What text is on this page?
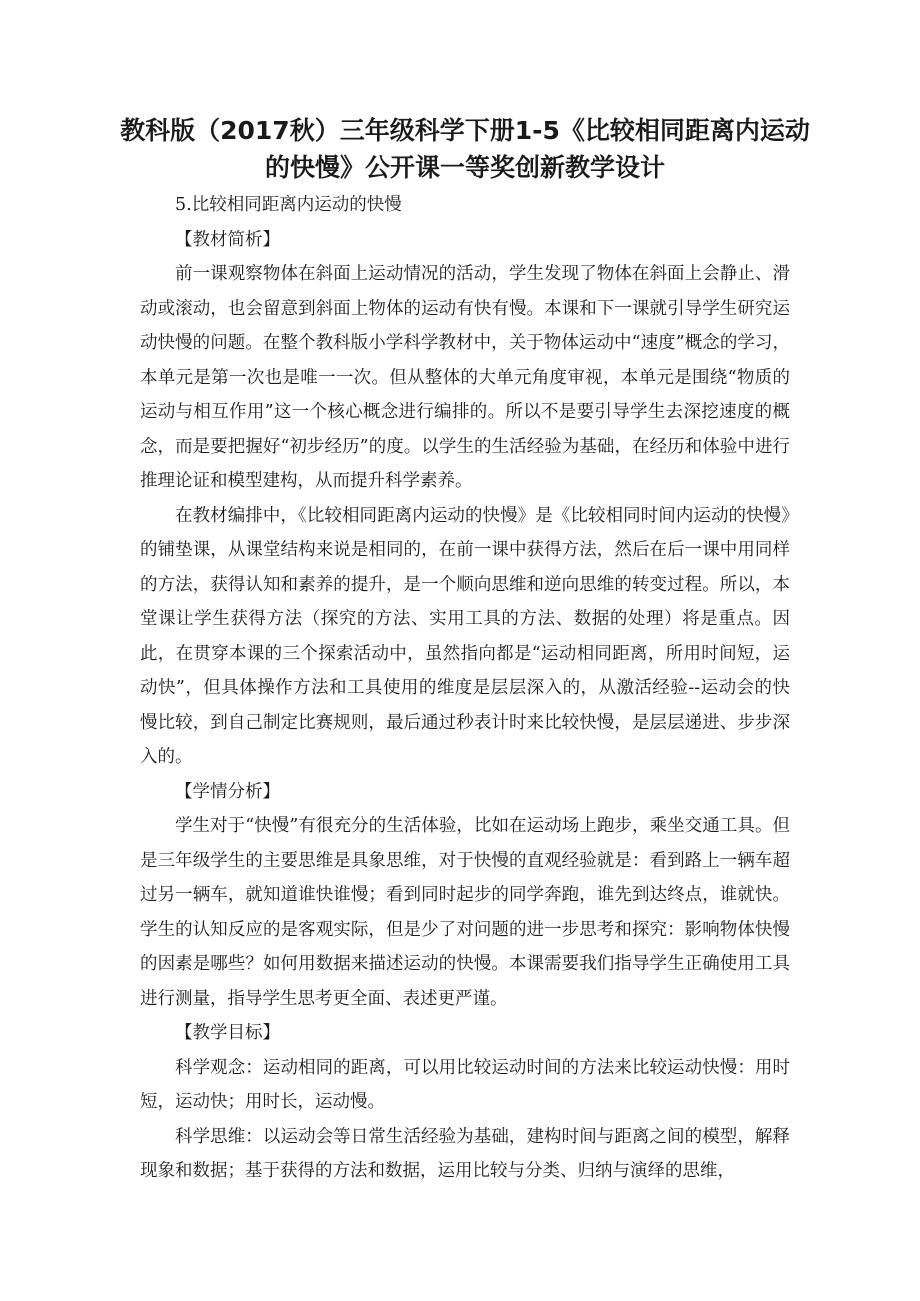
教科版（2017秋）三年级科学下册1-5《比较相同距离内运动的快慢》公开课一等奖创新教学设计

5.比较相同距离内运动的快慢

【教材简析】

前一课观察物体在斜面上运动情况的活动，学生发现了物体在斜面上会静止、滑动或滚动，也会留意到斜面上物体的运动有快有慢。本课和下一课就引导学生研究运动快慢的问题。在整个教科版小学科学教材中，关于物体运动中“速度”概念的学习，本单元是第一次也是唯一一次。但从整体的大单元角度审视，本单元是围绕“物质的运动与相互作用”这一个核心概念进行编排的。所以不是要引导学生去深挖速度的概念，而是要把握好“初步经历”的度。以学生的生活经验为基础，在经历和体验中进行推理论证和模型建构，从而提升科学素养。

在教材编排中，《比较相同距离内运动的快慢》是《比较相同时间内运动的快慢》的铺垫课，从课堂结构来说是相同的，在前一课中获得方法，然后在后一课中用同样的方法，获得认知和素养的提升，是一个顺向思维和逆向思维的转变过程。所以，本堂课让学生获得方法（探究的方法、实用工具的方法、数据的处理）将是重点。因此，在贯穿本课的三个探索活动中，虽然指向都是“运动相同距离，所用时间短，运动快”，但具体操作方法和工具使用的维度是层层深入的，从激活经验--运动会的快慢比较，到自己制定比赛规则，最后通过秒表计时来比较快慢，是层层递进、步步深入的。

【学情分析】

学生对于“快慢”有很充分的生活体验，比如在运动场上跑步，乘坐交通工具。但是三年级学生的主要思维是具象思维，对于快慢的直观经验就是：看到路上一辆车超过另一辆车，就知道谁快谁慢；看到同时起步的同学奔跑，谁先到达终点，谁就快。学生的认知反应的是客观实际，但是少了对问题的进一步思考和探究：影响物体快慢的因素是哪些？如何用数据来描述运动的快慢。本课需要我们指导学生正确使用工具进行测量，指导学生思考更全面、表述更严谨。

【教学目标】

科学观念：运动相同的距离，可以用比较运动时间的方法来比较运动快慢：用时短，运动快；用时长，运动慢。

科学思维：以运动会等日常生活经验为基础，建构时间与距离之间的模型，解释现象和数据；基于获得的方法和数据，运用比较与分类、归纳与演绎的思维，
